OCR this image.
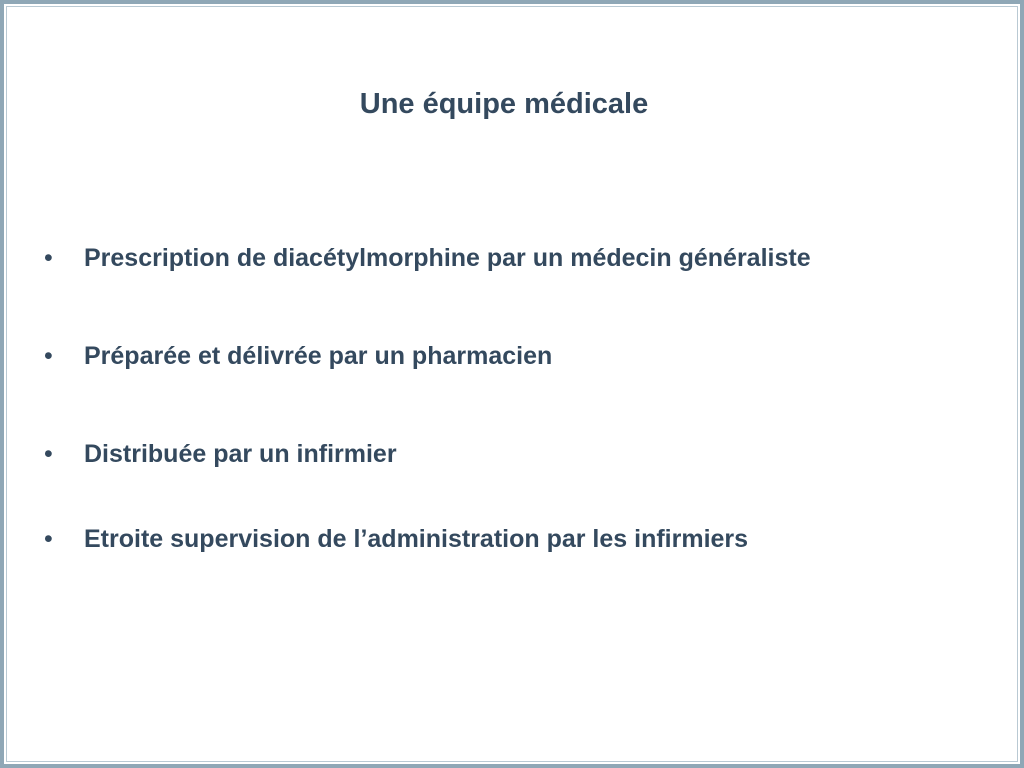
Une équipe médicale
•	Prescription de diacétylmorphine par un médecin généraliste
•	Préparée et délivrée par un pharmacien
•	Distribuée par un infirmier
•	Etroite supervision de l’administration par les infirmiers
